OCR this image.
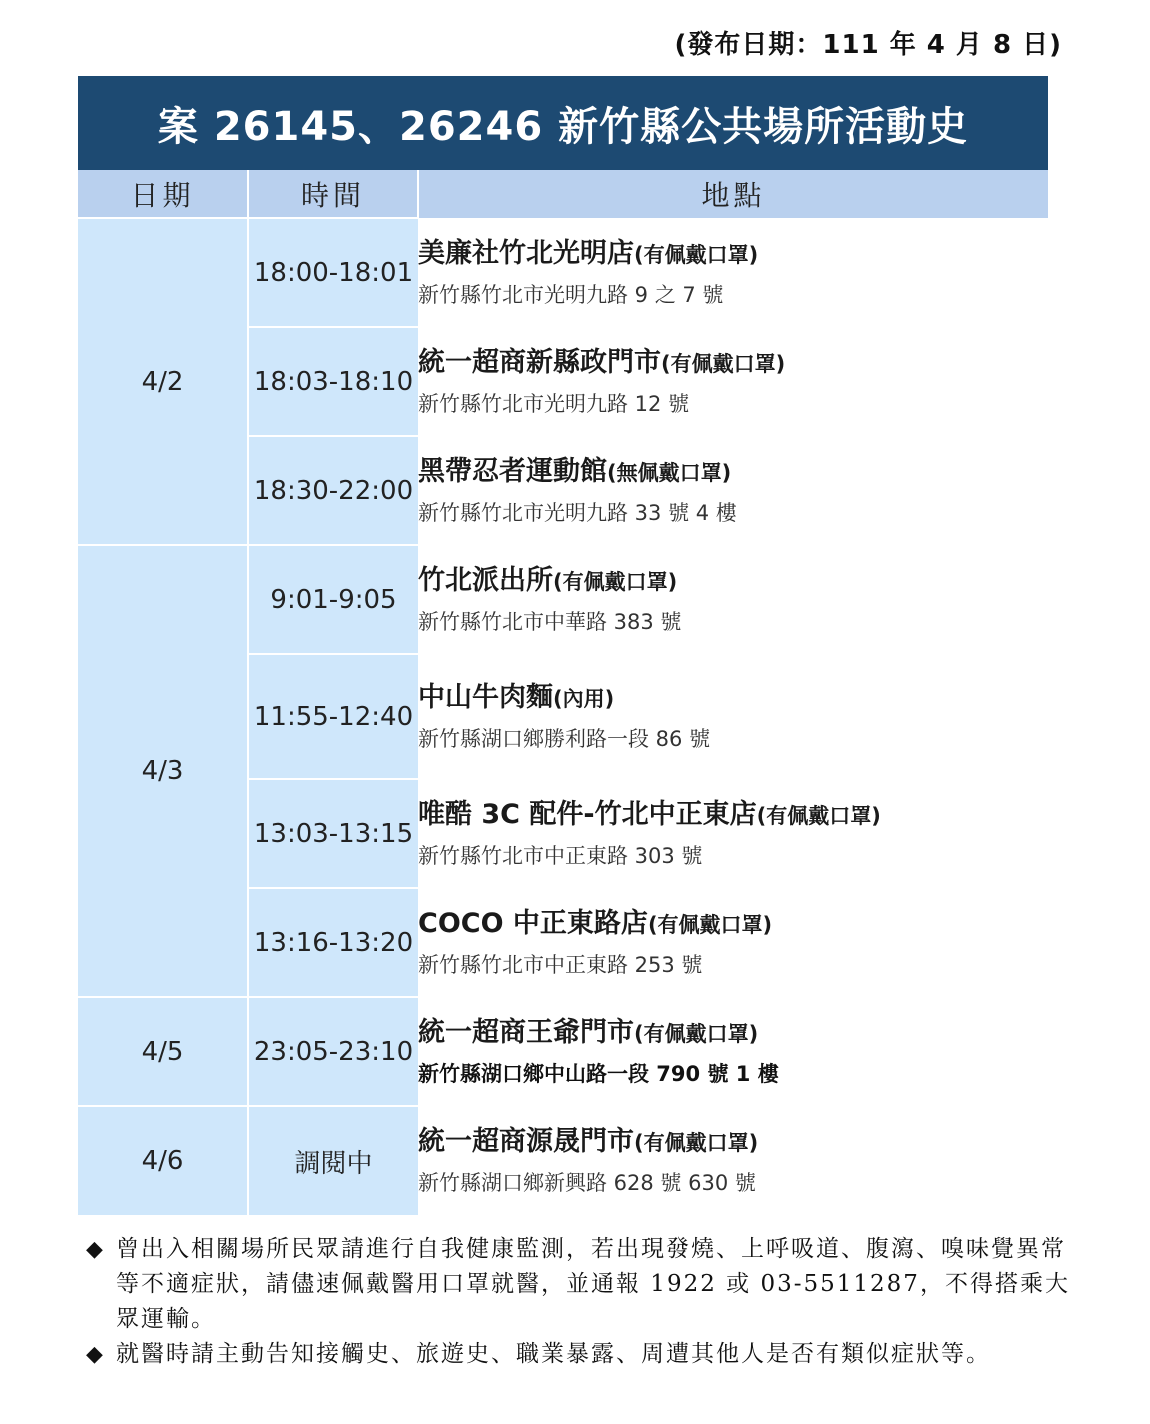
(發布日期：111 年 4 月 8 日)
案 26145、26246 新竹縣公共場所活動史
日期	時間	地點
4/2	18:00-18:01	美廉社竹北光明店(有佩戴口罩)
新竹縣竹北市光明九路 9 之 7 號

	18:03-18:10	統一超商新縣政門市(有佩戴口罩)
新竹縣竹北市光明九路 12 號

	18:30-22:00	黑帶忍者運動館(無佩戴口罩)
新竹縣竹北市光明九路 33 號 4 樓

4/3	9:01-9:05	竹北派出所(有佩戴口罩)
新竹縣竹北市中華路 383 號

	11:55-12:40	中山牛肉麵(內用)
新竹縣湖口鄉勝利路一段 86 號

	13:03-13:15	唯酷 3C 配件-竹北中正東店(有佩戴口罩)
新竹縣竹北市中正東路 303 號

	13:16-13:20	COCO 中正東路店(有佩戴口罩)
新竹縣竹北市中正東路 253 號

4/5	23:05-23:10	統一超商王爺門市(有佩戴口罩)
新竹縣湖口鄉中山路一段 790 號 1 樓

4/6	調閱中	統一超商源晟門市(有佩戴口罩)
新竹縣湖口鄉新興路 628 號 630 號
◆ 曾出入相關場所民眾請進行自我健康監測，若出現發燒、上呼吸道、腹瀉、嗅味覺異常等不適症狀，請儘速佩戴醫用口罩就醫，並通報 1922 或 03-5511287，不得搭乘大眾運輸。
◆ 就醫時請主動告知接觸史、旅遊史、職業暴露、周遭其他人是否有類似症狀等。
